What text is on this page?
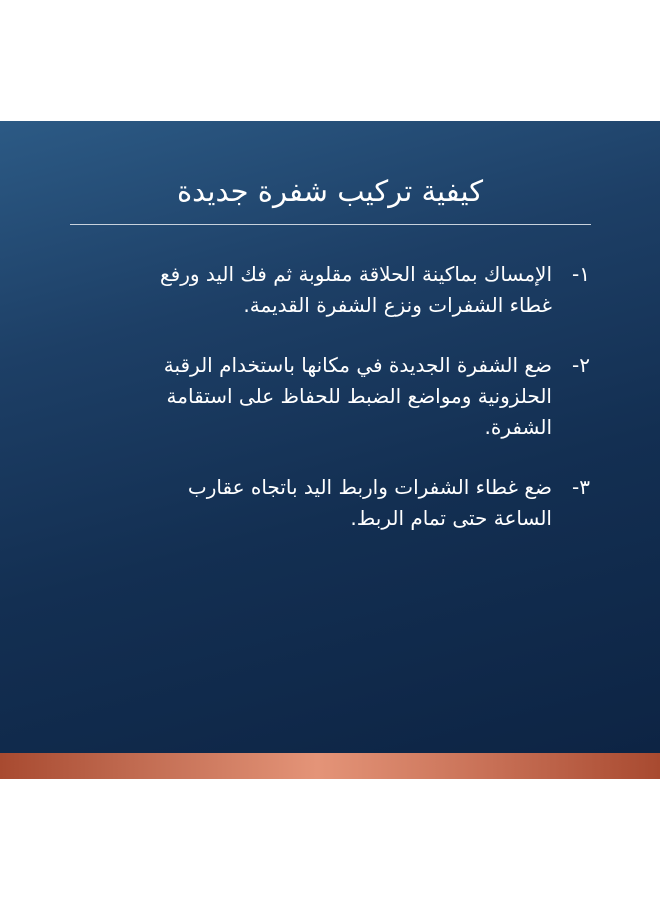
كيفية تركيب شفرة جديدة
١-
الإمساك بماكينة الحلاقة مقلوبة ثم فك اليد ورفع غطاء الشفرات ونزع الشفرة القديمة.
٢-
ضع الشفرة الجديدة في مكانها باستخدام الرقبة الحلزونية ومواضع الضبط للحفاظ على استقامة الشفرة.
٣-
ضع غطاء الشفرات واربط اليد باتجاه عقارب الساعة حتى تمام الربط.
